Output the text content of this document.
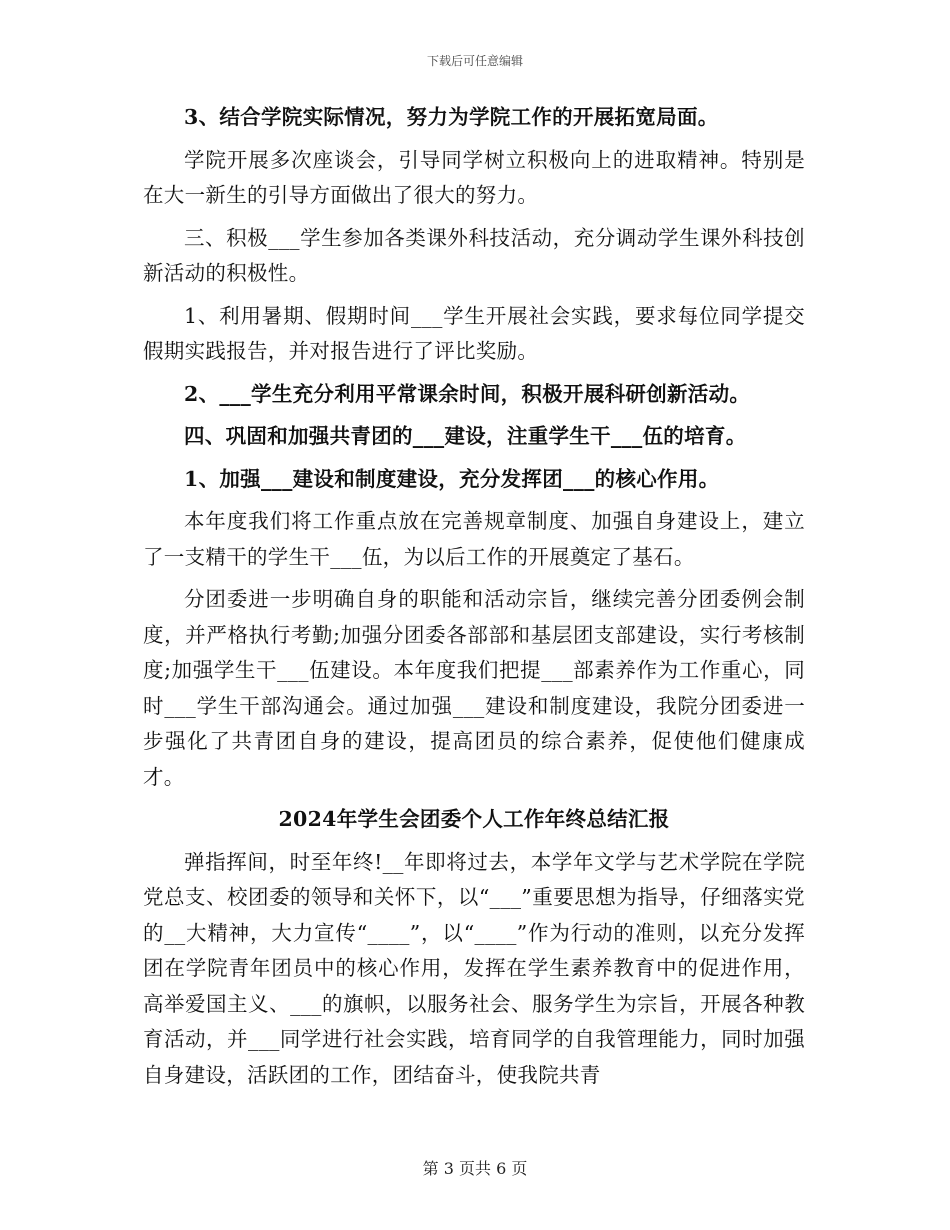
下载后可任意编辑

3、结合学院实际情况，努力为学院工作的开展拓宽局面。

学院开展多次座谈会，引导同学树立积极向上的进取精神。特别是在大一新生的引导方面做出了很大的努力。

三、积极___学生参加各类课外科技活动，充分调动学生课外科技创新活动的积极性。

1、利用暑期、假期时间___学生开展社会实践，要求每位同学提交假期实践报告，并对报告进行了评比奖励。

2、___学生充分利用平常课余时间，积极开展科研创新活动。

四、巩固和加强共青团的___建设，注重学生干___伍的培育。

1、加强___建设和制度建设，充分发挥团___的核心作用。

本年度我们将工作重点放在完善规章制度、加强自身建设上，建立了一支精干的学生干___伍，为以后工作的开展奠定了基石。

分团委进一步明确自身的职能和活动宗旨，继续完善分团委例会制度，并严格执行考勤;加强分团委各部部和基层团支部建设，实行考核制度;加强学生干___伍建设。本年度我们把提___部素养作为工作重心，同时___学生干部沟通会。通过加强___建设和制度建设，我院分团委进一步强化了共青团自身的建设，提高团员的综合素养，促使他们健康成才。

2024年学生会团委个人工作年终总结汇报

弹指挥间，时至年终!__年即将过去，本学年文学与艺术学院在学院党总支、校团委的领导和关怀下，以“___”重要思想为指导，仔细落实党的__大精神，大力宣传“____”，以“____”作为行动的准则，以充分发挥团在学院青年团员中的核心作用，发挥在学生素养教育中的促进作用，高举爱国主义、___的旗帜，以服务社会、服务学生为宗旨，开展各种教育活动，并___同学进行社会实践，培育同学的自我管理能力，同时加强自身建设，活跃团的工作，团结奋斗，使我院共青

第 3 页共 6 页
